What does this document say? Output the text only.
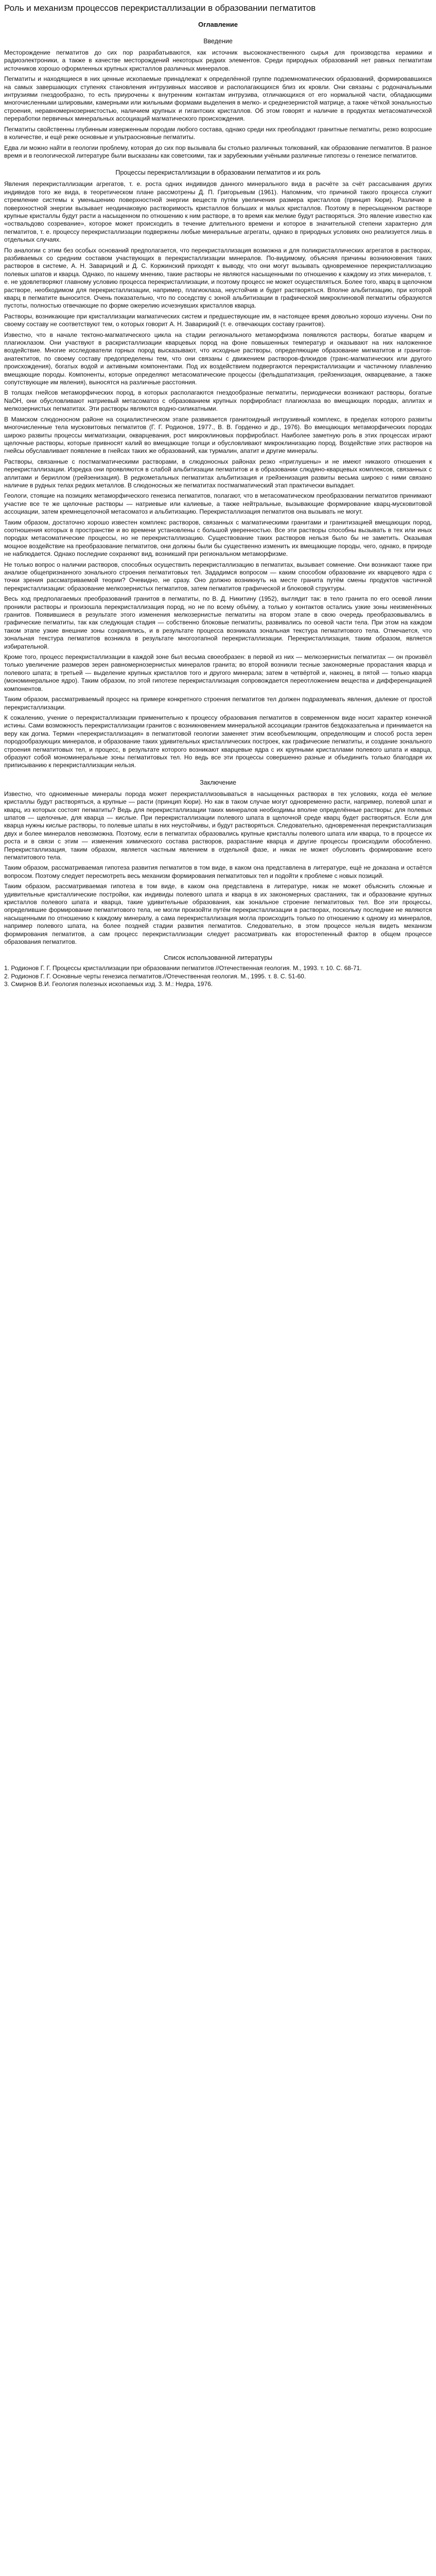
Роль и механизм процессов перекристаллизации в образовании пегматитов
Оглавление
Введение

Месторождение пегматитов до сих пор разрабатываются, как источник высококачественного сырья для производства керамики и радиоэлектроники, а также в качестве месторождений некоторых редких элементов. Среди природных образований нет равных пегматитам источников хорошо оформленных крупных кристаллов различных минералов.

Пегматиты и находящиеся в них ценные ископаемые принадлежат к определённой группе подземноматических образований, формировавшихся на самых завершающих ступенях становления интрузивных массивов и располагающихся близ их кровли. Они связаны с родоначальными интрузиями гнездообразно, то есть приурочены к внутренним контактам интрузива, отличающихся от его нормальной части, обладающими многочисленными шлировыми, камерными или жильными формами выделения в мелко- и среднезернистой матрице, а также чёткой зональностью строения, неравномернозернистостью, наличием крупных и гигантских кристаллов. Об этом говорят и наличие в продуктах метасоматической переработки первичных минеральных ассоциаций магматического происхождения.

Пегматиты свойственны глубинным изверженным породам любого состава, однако среди них преобладают гранитные пегматиты, резко возросшие в количестве, и ещё реже основные и ультраосновные пегматиты.

Едва ли можно найти в геологии проблему, которая до сих пор вызывала бы столько различных толкований, как образование пегматитов. В разное время и в геологической литературе были высказаны как советскими, так и зарубежными учёными различные гипотезы о генезисе пегматитов.

Процессы перекристаллизации в образовании пегматитов и их роль

Явления перекристаллизации агрегатов, т. е. роста одних индивидов данного минерального вида в расчёте за счёт рассасывания других индивидов того же вида, в теоретическом плане рассмотрены Д. П. Григорьевым (1961). Напомним, что причиной такого процесса служит стремление системы к уменьшению поверхностной энергии веществ путём увеличения размера кристаллов (принцип Кюри). Различие в поверхностной энергии вызывает неодинаковую растворимость кристаллов больших и малых кристаллов. Поэтому в пересыщенном растворе крупные кристаллы будут расти а насыщенном по отношению к ним растворе, в то время как мелкие будут растворяться. Это явление известно как «оствальдово созревание», которое может происходить в течение длительного времени и которое в значительной степени характерно для пегматитов, т. е. процессу перекристаллизации подвержены любые минеральные агрегаты, однако в природных условиях оно реализуется лишь в отдельных случаях.

По аналогии с этим без особых оснований предполагается, что перекристаллизация возможна и для поликристаллических агрегатов в растворах, разбиваемых со средним составом участвующих в перекристаллизации минералов. По-видимому, объясняя причины возникновения таких растворов в системе, А. Н. Заварицкий и Д. С. Коржинский приходят к выводу, что они могут вызывать одновременное перекристаллизацию полевых шпатов и кварца. Однако, по нашему мнению, такие растворы не являются насыщенными по отношению к каждому из этих минералов, т. е. не удовлетворяют главному условию процесса перекристаллизации, и поэтому процесс не может осуществляться. Более того, кварц в щелочном растворе, необходимом для перекристаллизации, например, плагиоклаза, неустойчив и будет растворяться. Вполне альбитизацию, при которой кварц в пегматите выносится. Очень показательно, что по соседству с зоной альбитизации в графической микроклиновой пегматиты образуются пустоты, полностью отвечающие по форме ожерелию исчезнувших кристаллов кварца.

Растворы, возникающие при кристаллизации магматических систем и предшествующие им, в настоящее время довольно хорошо изучены. Они по своему составу не соответствуют тем, о которых говорит А. Н. Заварицкий (т. е. отвечающих составу гранитов).

Известно, что в начале тектоно-магматического цикла на стадии регионального метаморфизма появляются растворы, богатые кварцем и плагиоклазом. Они участвуют в раскристаллизации кварцевых пород на фоне повышенных температур и оказывают на них наложенное воздействие. Многие исследователи горных пород высказывают, что исходные растворы, определяющие образование мигматитов и гранитов-анатектитов, по своему составу предопределены тем, что они связаны с движением растворов-флюидов (транс-магматических или другого происхождения), богатых водой и активными компонентами. Под их воздействием подвергаются перекристаллизации и частичному плавлению вмещающие породы. Компоненты, которые определяют метасоматические процессы (фельдшпатизация, грейзенизация, окварцевание, а также сопутствующие им явления), выносятся на различные расстояния.

В толщах гнейсов метаморфических пород, в которых располагаются гнездообразные пегматиты, периодически возникают растворы, богатые NaOH, они обусловливают натриевый метасоматоз с образованием крупных порфиробласт плагиоклаза во вмещающих породах, аплитах и мелкозернистых пегматитах. Эти растворы являются водно-силикатными.

В Мамском слюдоносном районе на социалистическом этапе развивается гранитоидный интрузивный комплекс, в пределах которого развиты многочисленные тела мусковитовых пегматитов (Г. Г. Родионов, 1977., В. В. Горденко и др., 1976). Во вмещающих метаморфических породах широко развиты процессы мигматизации, окварцевания, рост микроклиновых порфиробласт. Наиболее заметную роль в этих процессах играют щелочные растворы, которые привносят калий во вмещающие толщи и обусловливают микроклинизацию пород. Воздействие этих растворов на гнейсы обуславливает появление в гнейсах таких же образований, как турмалин, апатит и другие минералы.

Растворы, связанные с постмагматическими растворами, в слюдоносных районах резко «приглушены» и не имеют никакого отношения к перекристаллизации. Изредка они проявляются в слабой альбитизации пегматитов и в образовании слюдяно-кварцевых комплексов, связанных с аплитами и бериллом (грейзенизация). В редкометальных пегматитах альбитизация и грейзенизация развиты весьма широко с ними связано наличие в рудных телах редких металлов. В слюдоносных же пегматитах постмагматический этап практически выпадает.

Геологи, стоящие на позициях метаморфического генезиса пегматитов, полагают, что в метасоматическом преобразовании пегматитов принимают участие все те же щелочные растворы — натриевые или калиевые, а также нейтральные, вызывающие формирование кварц-мусковитовой ассоциации, затем кремнещелочной метасоматоз и альбитизацию. Перекристаллизация пегматитов она вызывать не могут.

Таким образом, достаточно хорошо известен комплекс растворов, связанных с магматическими гранитами и гранитизацией вмещающих пород, соотношения которых в пространстве и во времени установлены с большой уверенностью. Все эти растворы способны вызывать в тех или иных породах метасоматические процессы, но не перекристаллизацию. Существование таких растворов нельзя было бы не заметить. Оказывая мощное воздействие на преобразование пегматитов, они должны были бы существенно изменить их вмещающие породы, чего, однако, в природе не наблюдается. Однако последние сохраняют вид, возникший при региональном метаморфизме.

Не только вопрос о наличии растворов, способных осуществить перекристаллизацию в пегматитах, вызывает сомнение. Они возникают также при анализе общепризнанного зонального строения пегматитовых тел. Зададимся вопросом — каким способом образование их кварцевого ядра с точки зрения рассматриваемой теории? Очевидно, не сразу. Оно должно возникнуть на месте гранита путём смены продуктов частичной перекристаллизации: образование мелкозернистых пегматитов, затем пегматитов графической и блоковой структуры.

Весь ход предполагаемых преобразований гранитов в пегматиты, по В. Д. Никитину (1952), выглядит так: в тело гранита по его осевой линии проникли растворы и произошла перекристаллизация пород, но не по всему объёму, а только у контактов остались узкие зоны неизменённых гранитов. Появившиеся в результате этого изменения мелкозернистые пегматиты на втором этапе в свою очередь преобразовывались в графические пегматиты, так как следующая стадия — собственно блоковые пегматиты, развивались по осевой части тела. При этом на каждом таком этапе узкие внешние зоны сохранялись, и в результате процесса возникала зональная текстура пегматитового тела. Отмечается, что зональная текстура пегматитов возникла в результате многоэтапной перекристаллизации. Перекристаллизация, таким образом, является избирательной.

Кроме того, процесс перекристаллизации в каждой зоне был весьма своеобразен: в первой из них — мелкозернистых пегматитах — он произвёл только увеличение размеров зерен равномернозернистых минералов гранита; во второй возникли тесные закономерные прорастания кварца и полевого шпата; в третьей — выделение крупных кристаллов того и другого минерала; затем в четвёртой и, наконец, в пятой — только кварца (мономинеральное ядро). Таким образом, по этой гипотезе перекристаллизация сопровождается переотложением вещества и дифференциацией компонентов.

Таким образом, рассматриваемый процесс на примере конкретного строения пегматитов тел должен подразумевать явления, далекие от простой перекристаллизации.

К сожалению, учение о перекристаллизации применительно к процессу образования пегматитов в современном виде носит характер конечной истины. Сами возможность перекристаллизации гранитов с возникновением минеральной ассоциации гранитов бездоказательна и принимается на веру как догма. Термин «перекристаллизация» в пегматитовой геологии заменяет этим всеобъемлющим, определяющим и способ роста зерен породообразующих минералов, и образование таких удивительных кристаллических построек, как графические пегматиты, и создание зонального строения пегматитовых тел, и процесс, в результате которого возникают кварцевые ядра с их крупными кристаллами полевого шпата и кварца, образуют собой мономинеральные зоны пегматитовых тел. Но ведь все эти процессы совершенно разные и объединить только благодаря их приписыванию к перекристаллизации нельзя.

Заключение

Известно, что одноименные минералы порода может перекристаллизовываться в насыщенных растворах в тех условиях, когда её мелкие кристаллы будут растворяться, а крупные — расти (принцип Кюри). Но как в таком случае могут одновременно расти, например, полевой шпат и кварц, из которых состоят пегматиты? Ведь для перекристаллизации таких минералов необходимы вполне определённые растворы: для полевых шпатов — щелочные, для кварца — кислые. При перекристаллизации полевого шпата в щелочной среде кварц будет растворяться. Если для кварца нужны кислые растворы, то полевые шпаты в них неустойчивы, и будут растворяться. Следовательно, одновременная перекристаллизация двух и более минералов невозможна. Поэтому, если в пегматитах образовались крупные кристаллы полевого шпата или кварца, то в процессе их роста и в связи с этим — изменения химического состава растворов, разрастание кварца и другие процессы происходили обособленно. Перекристаллизация, таким образом, является частным явлением в отдельной фазе, и никак не может обусловить формирование всего пегматитового тела.

Таким образом, рассматриваемая гипотеза развития пегматитов в том виде, в каком она представлена в литературе, ещё не доказана и остаётся вопросом. Поэтому следует пересмотреть весь механизм формирования пегматитовых тел и подойти к проблеме с новых позиций.

Таким образом, рассматриваемая гипотеза в том виде, в каком она представлена в литературе, никак не может объяснить сложные и удивительные кристаллические постройки, как индивиды полевого шпата и кварца в их закономерных срастаниях, так и образование крупных кристаллов полевого шпата и кварца, такие удивительные образования, как зональное строение пегматитовых тел. Все эти процессы, определившие формирование пегматитового тела, не могли произойти путём перекристаллизации в растворах, поскольку последние не являются насыщенными по отношению к каждому минералу, а сама перекристаллизация могла происходить только по отношению к одному из минералов, например полевого шпата, на более поздней стадии развития пегматитов. Следовательно, в этом процессе нельзя видеть механизм формирования пегматитов, а сам процесс перекристаллизации следует рассматривать как второстепенный фактор в общем процессе образования пегматитов.

Список использованной литературы
1. Родионов Г. Г. Процессы кристаллизации при образовании пегматитов //Отечественная геология. М., 1993. т. 10. С. 68-71.
2. Родионов Г. Г. Основные черты генезиса пегматитов.//Отечественная геология. М., 1995. т. 8. С. 51-60.
3. Смирнов В.И. Геология полезных ископаемых изд. 3. М.: Недра, 1976.
